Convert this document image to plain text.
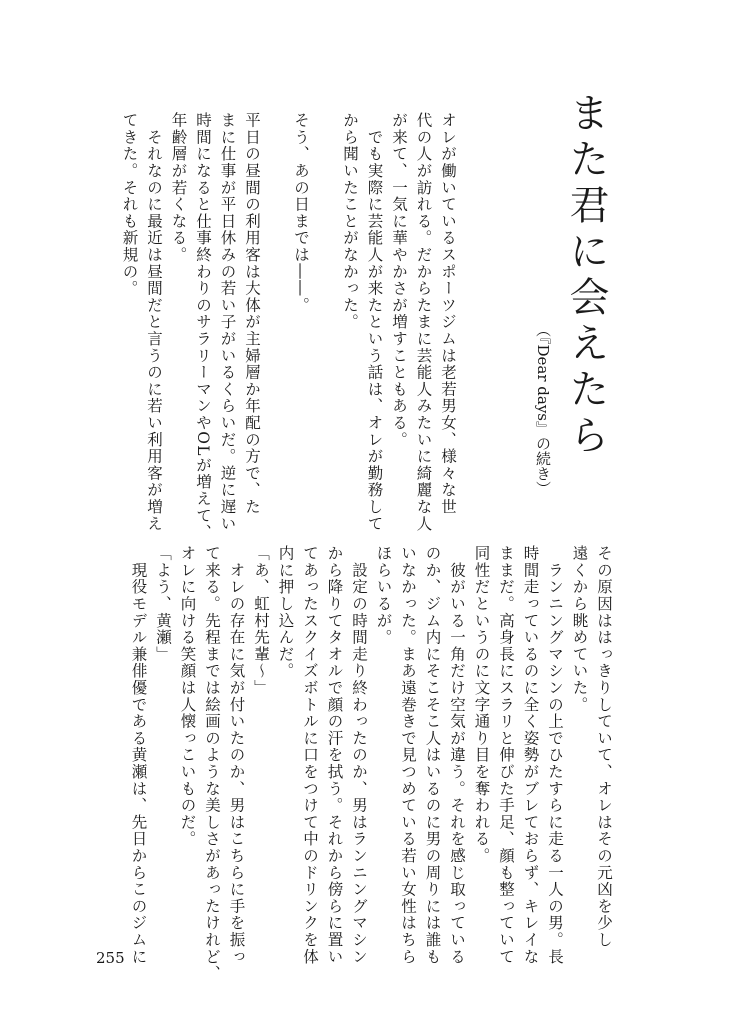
また君に会えたら
（『Dear days』の続き）

オレが働いているスポーツジムは老若男女、様々な世

代の人が訪れる。だからたまに芸能人みたいに綺麗な人

が来て、一気に華やかさが増すこともある。

　でも実際に芸能人が来たという話は、オレが勤務して

から聞いたことがなかった。

そう、あの日までは――。

平日の昼間の利用客は大体が主婦層か年配の方で、た

まに仕事が平日休みの若い子がいるくらいだ。逆に遅い

時間になると仕事終わりのサラリーマンやOLが増えて、

年齢層が若くなる。

　それなのに最近は昼間だと言うのに若い利用客が増え

てきた。それも新規の。

その原因ははっきりしていて、オレはその元凶を少し

遠くから眺めていた。

　ランニングマシンの上でひたすらに走る一人の男。長

時間走っているのに全く姿勢がブレておらず、キレイな

ままだ。高身長にスラリと伸びた手足、顔も整っていて

同性だというのに文字通り目を奪われる。

　彼がいる一角だけ空気が違う。それを感じ取っている

のか、ジム内にそこそこ人はいるのに男の周りには誰も

いなかった。まあ遠巻きで見つめている若い女性はちら

ほらいるが。

　設定の時間走り終わったのか、男はランニングマシン

から降りてタオルで顔の汗を拭う。それから傍らに置い

てあったスクイズボトルに口をつけて中のドリンクを体

内に押し込んだ。

「あ、虹村先輩〜」

　オレの存在に気が付いたのか、男はこちらに手を振っ

て来る。先程までは絵画のような美しさがあったけれど、

オレに向ける笑顔は人懐っこいものだ。

「よう、黄瀬」

　現役モデル兼俳優である黄瀬は、先日からこのジムに

255
